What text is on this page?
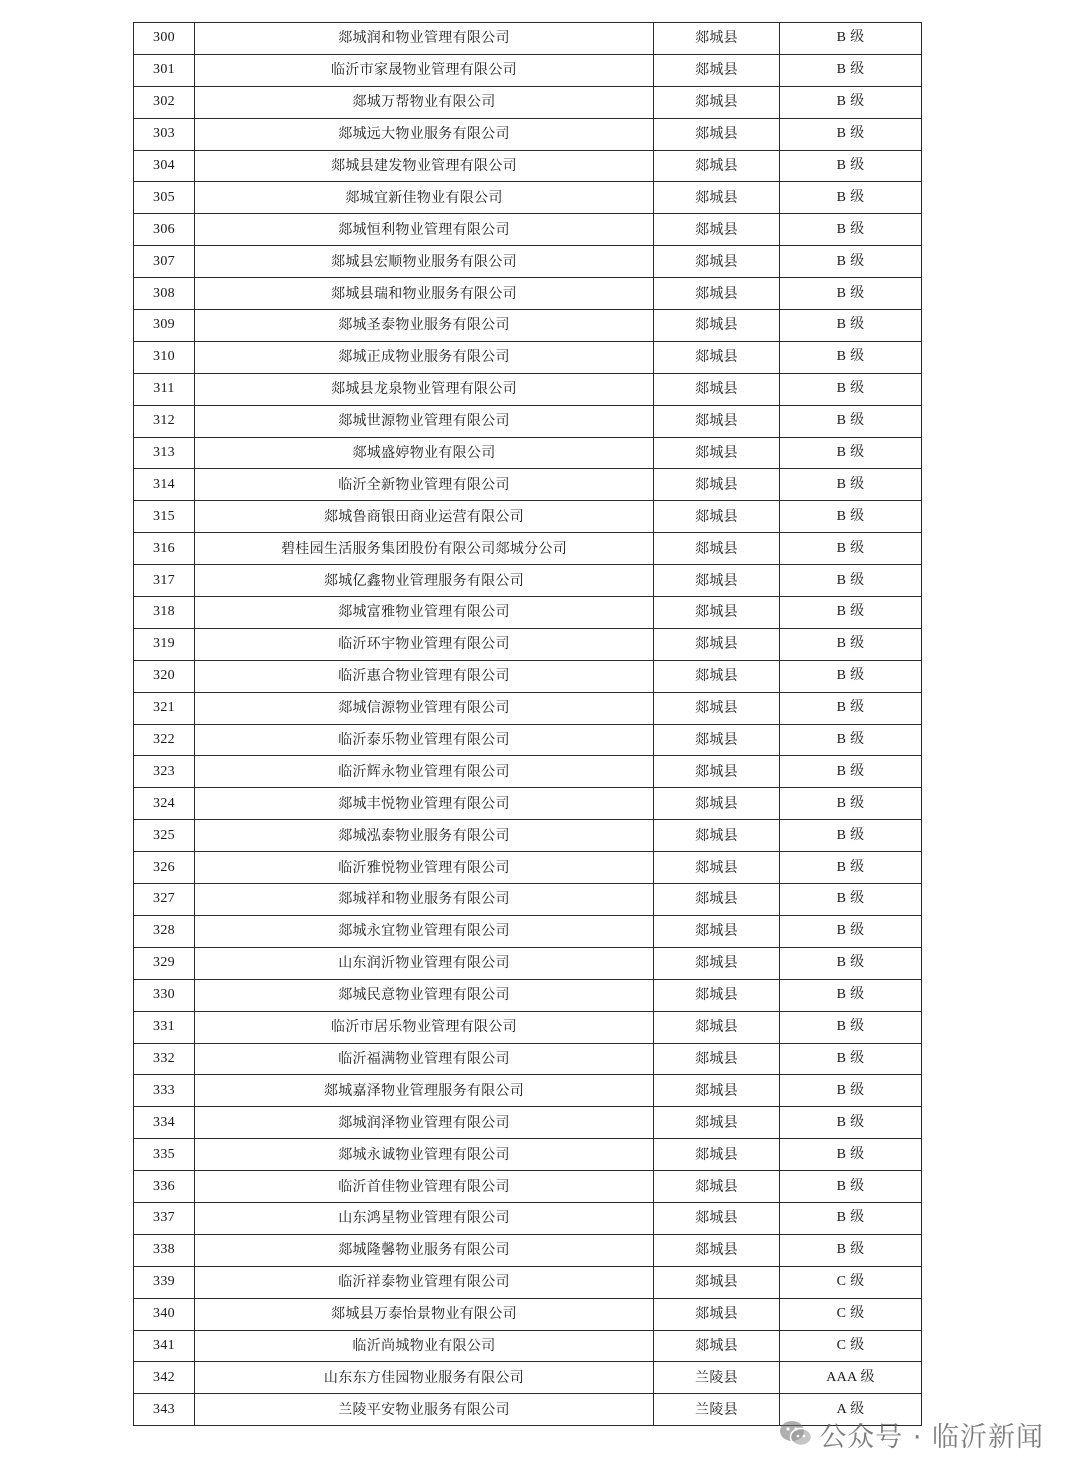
300	郯城润和物业管理有限公司	郯城县	B 级
301	临沂市家晟物业管理有限公司	郯城县	B 级
302	郯城万帮物业有限公司	郯城县	B 级
303	郯城远大物业服务有限公司	郯城县	B 级
304	郯城县建发物业管理有限公司	郯城县	B 级
305	郯城宜新佳物业有限公司	郯城县	B 级
306	郯城恒利物业管理有限公司	郯城县	B 级
307	郯城县宏顺物业服务有限公司	郯城县	B 级
308	郯城县瑞和物业服务有限公司	郯城县	B 级
309	郯城圣泰物业服务有限公司	郯城县	B 级
310	郯城正成物业服务有限公司	郯城县	B 级
311	郯城县龙泉物业管理有限公司	郯城县	B 级
312	郯城世源物业管理有限公司	郯城县	B 级
313	郯城盛婷物业有限公司	郯城县	B 级
314	临沂全新物业管理有限公司	郯城县	B 级
315	郯城鲁商银田商业运营有限公司	郯城县	B 级
316	碧桂园生活服务集团股份有限公司郯城分公司	郯城县	B 级
317	郯城亿鑫物业管理服务有限公司	郯城县	B 级
318	郯城富雅物业管理有限公司	郯城县	B 级
319	临沂环宇物业管理有限公司	郯城县	B 级
320	临沂惠合物业管理有限公司	郯城县	B 级
321	郯城信源物业管理有限公司	郯城县	B 级
322	临沂泰乐物业管理有限公司	郯城县	B 级
323	临沂辉永物业管理有限公司	郯城县	B 级
324	郯城丰悦物业管理有限公司	郯城县	B 级
325	郯城泓泰物业服务有限公司	郯城县	B 级
326	临沂雅悦物业管理有限公司	郯城县	B 级
327	郯城祥和物业服务有限公司	郯城县	B 级
328	郯城永宜物业管理有限公司	郯城县	B 级
329	山东润沂物业管理有限公司	郯城县	B 级
330	郯城民意物业管理有限公司	郯城县	B 级
331	临沂市居乐物业管理有限公司	郯城县	B 级
332	临沂福满物业管理有限公司	郯城县	B 级
333	郯城嘉泽物业管理服务有限公司	郯城县	B 级
334	郯城润泽物业管理有限公司	郯城县	B 级
335	郯城永诚物业管理有限公司	郯城县	B 级
336	临沂首佳物业管理有限公司	郯城县	B 级
337	山东鸿星物业管理有限公司	郯城县	B 级
338	郯城隆馨物业服务有限公司	郯城县	B 级
339	临沂祥泰物业管理有限公司	郯城县	C 级
340	郯城县万泰怡景物业有限公司	郯城县	C 级
341	临沂尚城物业有限公司	郯城县	C 级
342	山东东方佳园物业服务有限公司	兰陵县	AAA 级
343	兰陵平安物业服务有限公司	兰陵县	A 级
公众号 · 临沂新闻
